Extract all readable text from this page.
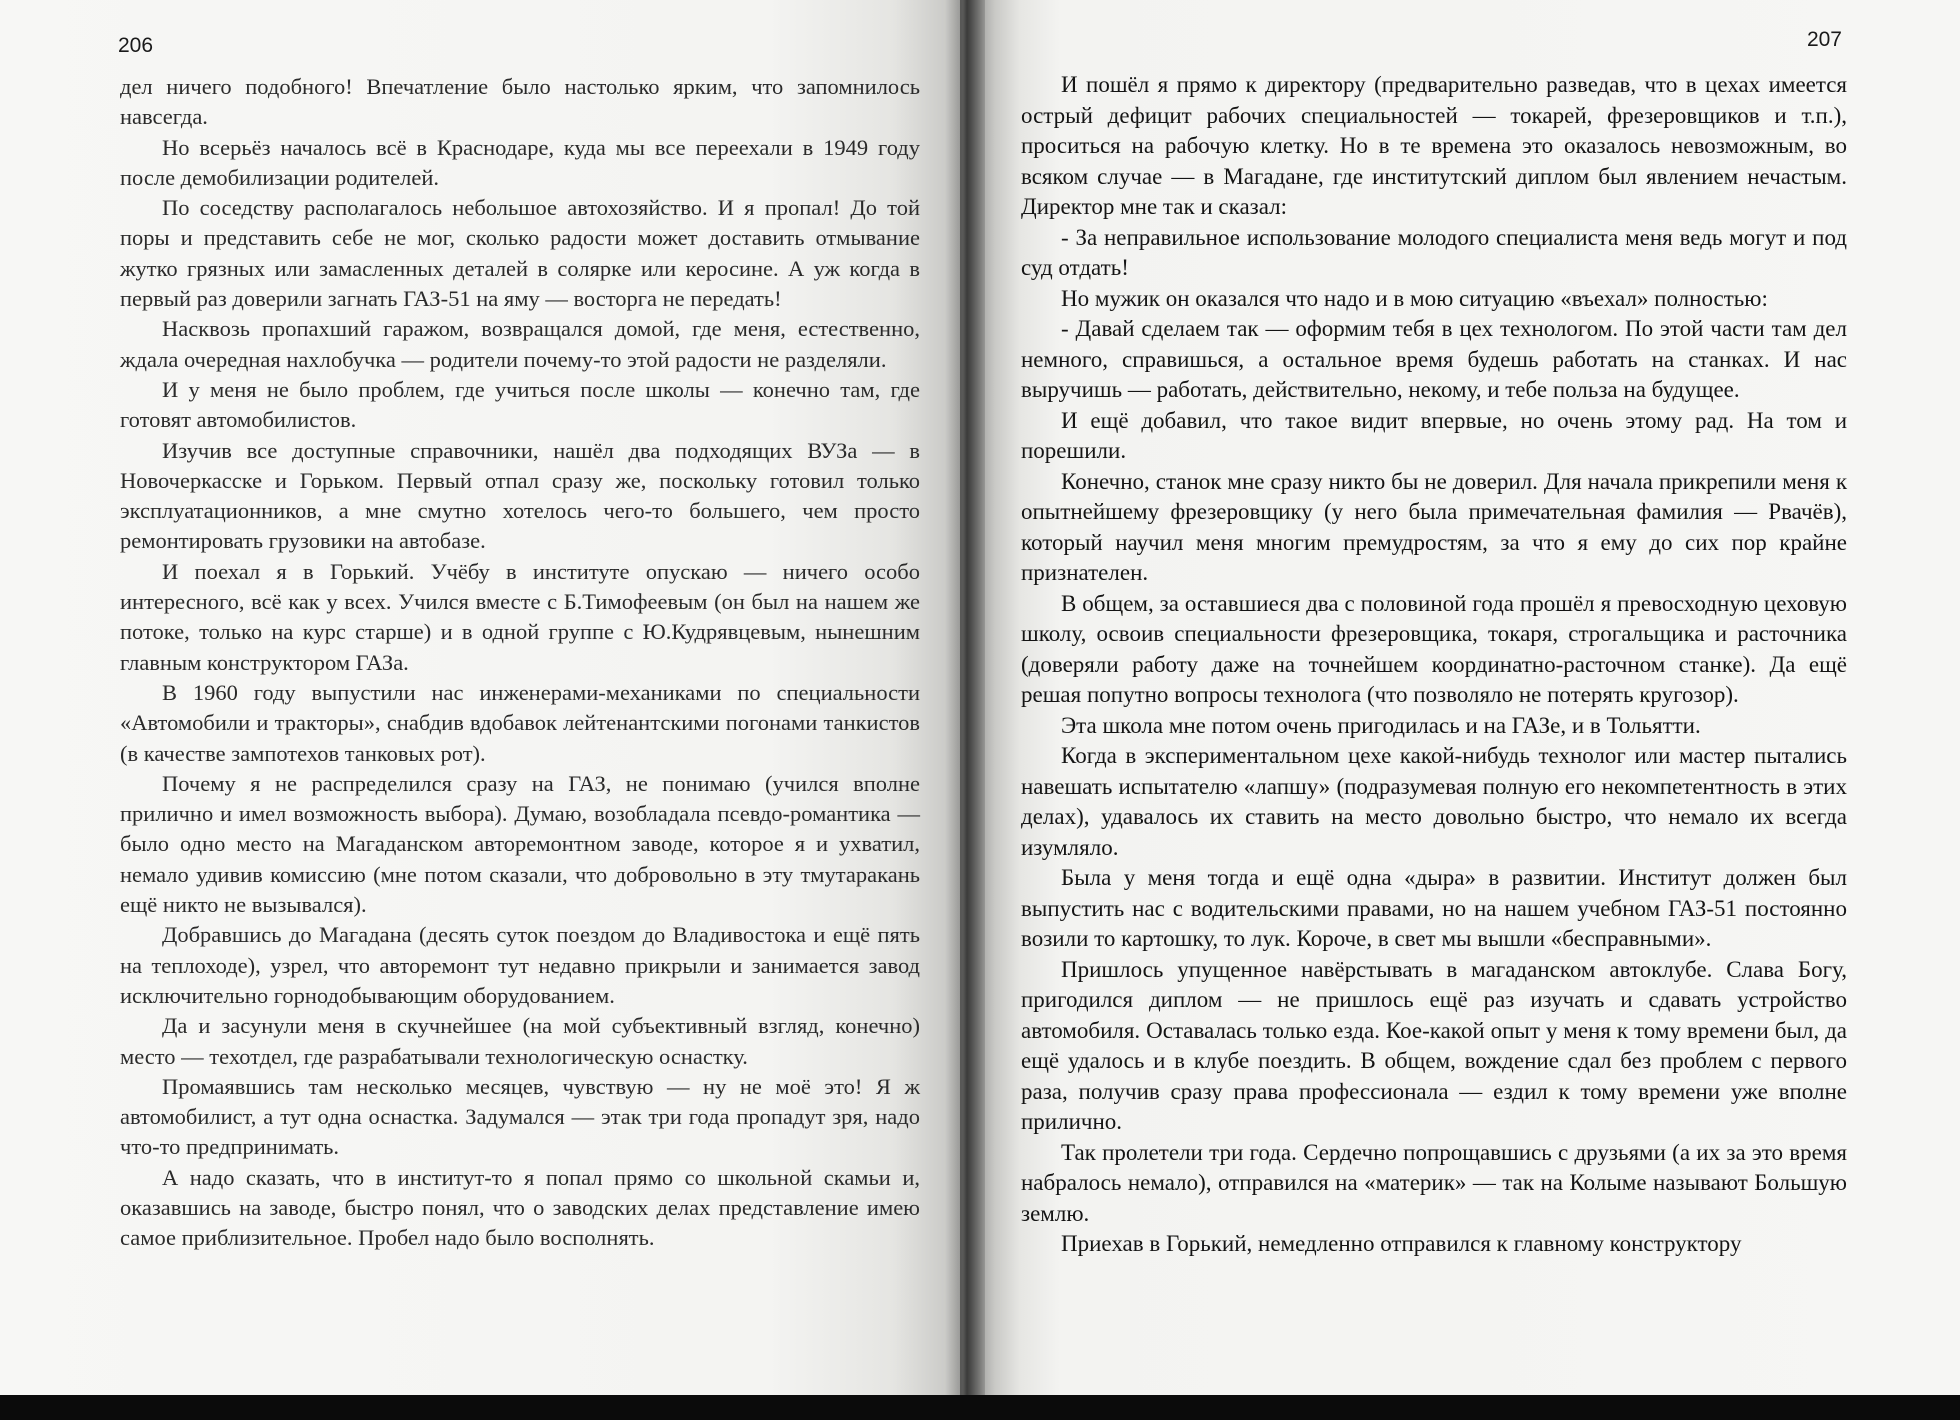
206

дел ничего подобного! Впечатление было настолько ярким, что запомнилось навсегда.

Но всерьёз началось всё в Краснодаре, куда мы все переехали в 1949 году после демобилизации родителей.

По соседству располагалось небольшое автохозяйство. И я пропал! До той поры и представить себе не мог, сколько радости может доставить отмывание жутко грязных или замасленных деталей в солярке или керосине. А уж когда в первый раз доверили загнать ГАЗ-51 на яму — восторга не передать!

Насквозь пропахший гаражом, возвращался домой, где меня, естественно, ждала очередная нахлобучка — родители почему-то этой радости не разделяли.

И у меня не было проблем, где учиться после школы — конечно там, где готовят автомобилистов.

Изучив все доступные справочники, нашёл два подходящих ВУЗа — в Новочеркасске и Горьком. Первый отпал сразу же, поскольку готовил только эксплуатационников, а мне смутно хотелось чего-то большего, чем просто ремонтировать грузовики на автобазе.

И поехал я в Горький. Учёбу в институте опускаю — ничего особо интересного, всё как у всех. Учился вместе с Б.Тимофеевым (он был на нашем же потоке, только на курс старше) и в одной группе с Ю.Кудрявцевым, нынешним главным конструктором ГАЗа.

В 1960 году выпустили нас инженерами-механиками по специальности «Автомобили и тракторы», снабдив вдобавок лейтенантскими погонами танкистов (в качестве зампотехов танковых рот).

Почему я не распределился сразу на ГАЗ, не понимаю (учился вполне прилично и имел возможность выбора). Думаю, возобладала псевдо-романтика — было одно место на Магаданском авторемонтном заводе, которое я и ухватил, немало удивив комиссию (мне потом сказали, что добровольно в эту тмутаракань ещё никто не вызывался).

Добравшись до Магадана (десять суток поездом до Владивостока и ещё пять на теплоходе), узрел, что авторемонт тут недавно прикрыли и занимается завод исключительно горнодобывающим оборудованием.

Да и засунули меня в скучнейшее (на мой субъективный взгляд, конечно) место — техотдел, где разрабатывали технологическую оснастку.

Промаявшись там несколько месяцев, чувствую — ну не моё это! Я ж автомобилист, а тут одна оснастка. Задумался — этак три года пропадут зря, надо что-то предпринимать.

А надо сказать, что в институт-то я попал прямо со школьной скамьи и, оказавшись на заводе, быстро понял, что о заводских делах представление имею самое приблизительное. Пробел надо было восполнять.

207

И пошёл я прямо к директору (предварительно разведав, что в цехах имеется острый дефицит рабочих специальностей — токарей, фрезеровщиков и т.п.), проситься на рабочую клетку. Но в те времена это оказалось невозможным, во всяком случае — в Магадане, где институтский диплом был явлением нечастым. Директор мне так и сказал:

- За неправильное использование молодого специалиста меня ведь могут и под суд отдать!

Но мужик он оказался что надо и в мою ситуацию «въехал» полностью:

- Давай сделаем так — оформим тебя в цех технологом. По этой части там дел немного, справишься, а остальное время будешь работать на станках. И нас выручишь — работать, действительно, некому, и тебе польза на будущее.

И ещё добавил, что такое видит впервые, но очень этому рад. На том и порешили.

Конечно, станок мне сразу никто бы не доверил. Для начала прикрепили меня к опытнейшему фрезеровщику (у него была примечательная фамилия — Рвачёв), который научил меня многим премудростям, за что я ему до сих пор крайне признателен.

В общем, за оставшиеся два с половиной года прошёл я превосходную цеховую школу, освоив специальности фрезеровщика, токаря, строгальщика и расточника (доверяли работу даже на точнейшем координатно-расточном станке). Да ещё решая попутно вопросы технолога (что позволяло не потерять кругозор).

Эта школа мне потом очень пригодилась и на ГАЗе, и в Тольятти.

Когда в экспериментальном цехе какой-нибудь технолог или мастер пытались навешать испытателю «лапшу» (подразумевая полную его некомпетентность в этих делах), удавалось их ставить на место довольно быстро, что немало их всегда изумляло.

Была у меня тогда и ещё одна «дыра» в развитии. Институт должен был выпустить нас с водительскими правами, но на нашем учебном ГАЗ-51 постоянно возили то картошку, то лук. Короче, в свет мы вышли «бесправными».

Пришлось упущенное навёрстывать в магаданском автоклубе. Слава Богу, пригодился диплом — не пришлось ещё раз изучать и сдавать устройство автомобиля. Оставалась только езда. Кое-какой опыт у меня к тому времени был, да ещё удалось и в клубе поездить. В общем, вождение сдал без проблем с первого раза, получив сразу права профессионала — ездил к тому времени уже вполне прилично.

Так пролетели три года. Сердечно попрощавшись с друзьями (а их за это время набралось немало), отправился на «материк» — так на Колыме называют Большую землю.

Приехав в Горький, немедленно отправился к главному конструктору
